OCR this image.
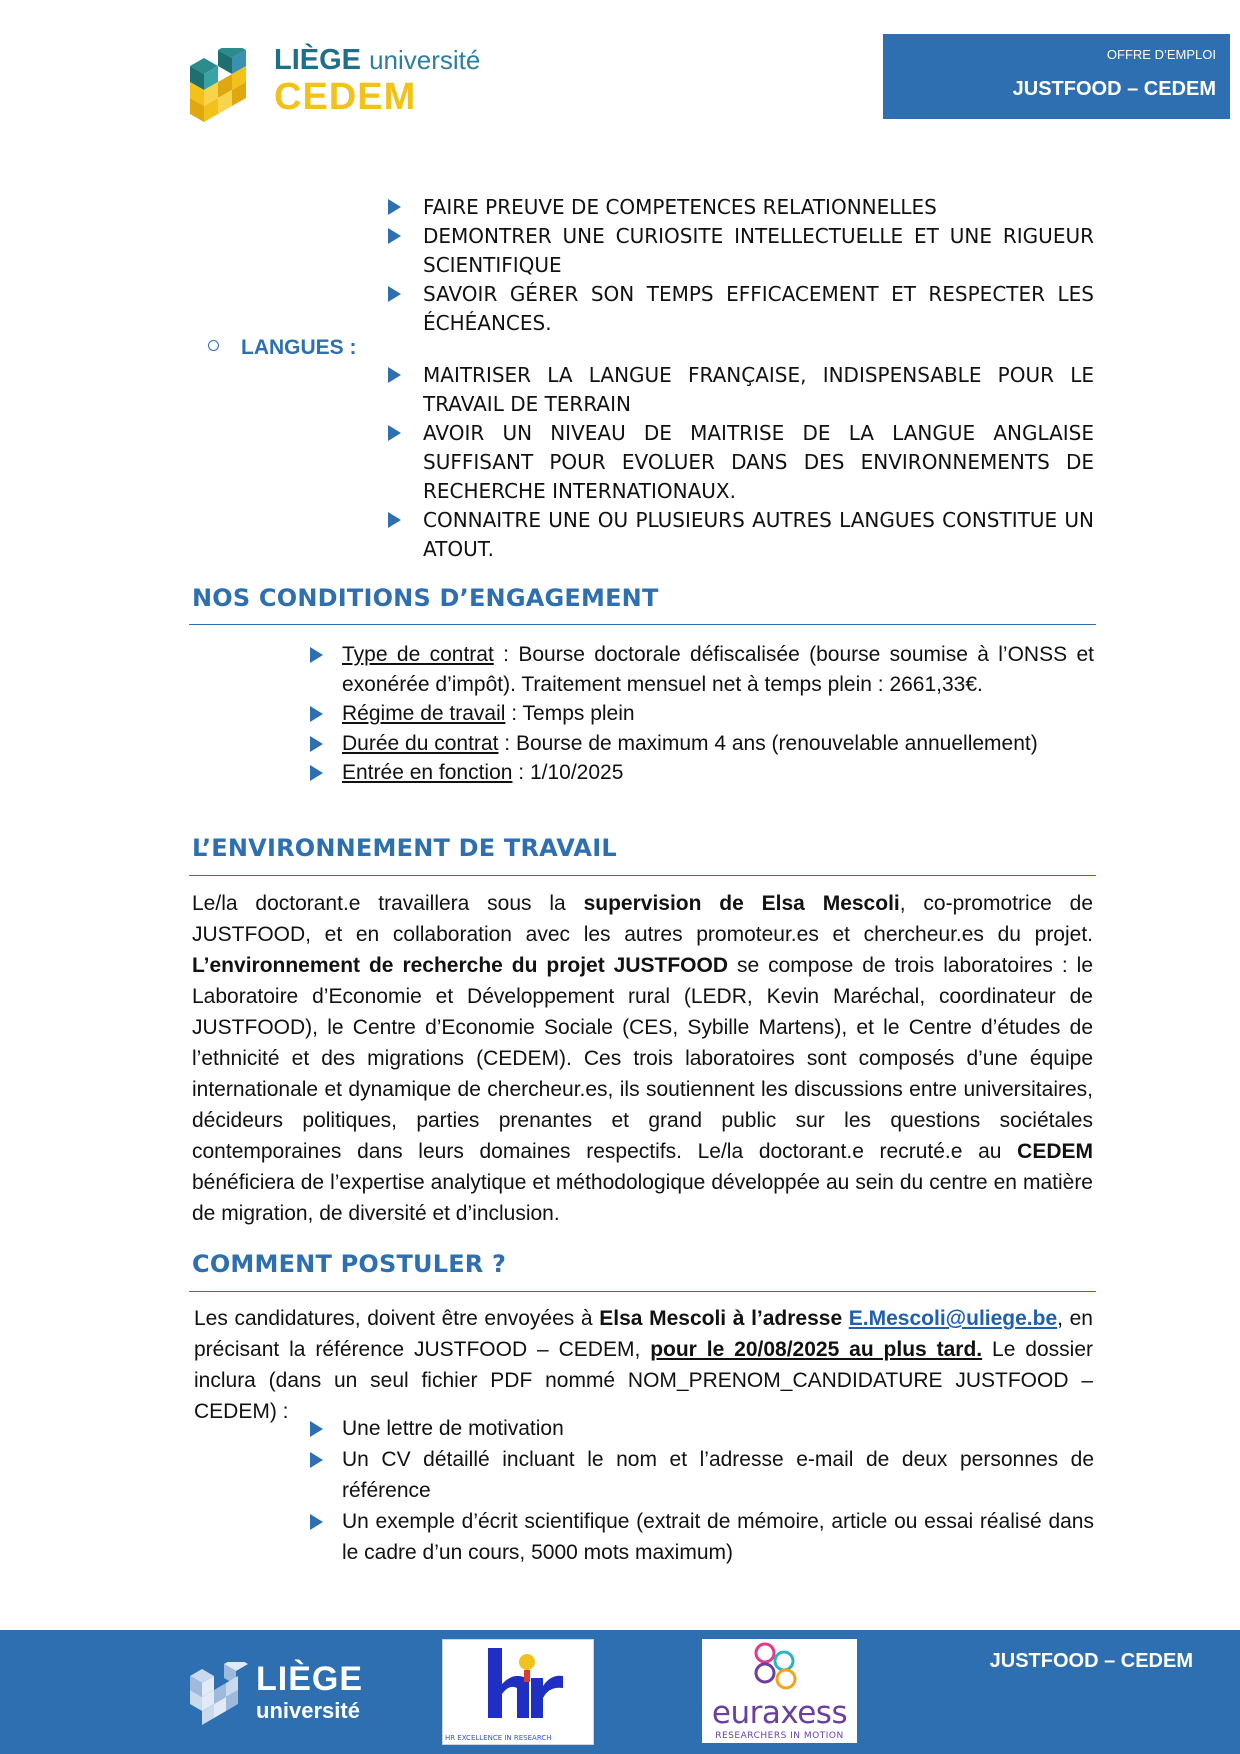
LIÈGE université
CEDEM
OFFRE D’EMPLOI
JUSTFOOD – CEDEM
FAIRE PREUVE DE COMPETENCES RELATIONNELLES
DEMONTRER UNE CURIOSITE INTELLECTUELLE ET UNE RIGUEUR SCIENTIFIQUE
SAVOIR GÉRER SON TEMPS EFFICACEMENT ET RESPECTER LES ÉCHÉANCES.
MAITRISER LA LANGUE FRANÇAISE, INDISPENSABLE POUR LE TRAVAIL DE TERRAIN
AVOIR UN NIVEAU DE MAITRISE DE LA LANGUE ANGLAISE SUFFISANT POUR EVOLUER DANS DES ENVIRONNEMENTS DE RECHERCHE INTERNATIONAUX.
CONNAITRE UNE OU PLUSIEURS AUTRES LANGUES CONSTITUE UN ATOUT.
LANGUES :
NOS CONDITIONS D’ENGAGEMENT
Type de contrat : Bourse doctorale défiscalisée (bourse soumise à l’ONSS et exonérée d’impôt). Traitement mensuel net à temps plein : 2661,33€.
Régime de travail : Temps plein
Durée du contrat : Bourse de maximum 4 ans (renouvelable annuellement)
Entrée en fonction : 1/10/2025
L’ENVIRONNEMENT DE TRAVAIL
Le/la doctorant.e travaillera sous la supervision de Elsa Mescoli, co-promotrice de JUSTFOOD, et en collaboration avec les autres promoteur.es et chercheur.es du projet. L’environnement de recherche du projet JUSTFOOD se compose de trois laboratoires : le Laboratoire d’Economie et Développement rural (LEDR, Kevin Maréchal, coordinateur de JUSTFOOD), le Centre d’Economie Sociale (CES, Sybille Martens), et le Centre d’études de l’ethnicité et des migrations (CEDEM). Ces trois laboratoires sont composés d’une équipe internationale et dynamique de chercheur.es, ils soutiennent les discussions entre universitaires, décideurs politiques, parties prenantes et grand public sur les questions sociétales contemporaines dans leurs domaines respectifs. Le/la doctorant.e recruté.e au CEDEM bénéficiera de l’expertise analytique et méthodologique développée au sein du centre en matière de migration, de diversité et d’inclusion.
COMMENT POSTULER ?
Les candidatures, doivent être envoyées à Elsa Mescoli à l’adresse E.Mescoli@uliege.be, en précisant la référence JUSTFOOD – CEDEM, pour le 20/08/2025 au plus tard. Le dossier inclura (dans un seul fichier PDF nommé NOM_PRENOM_CANDIDATURE JUSTFOOD – CEDEM) :
Une lettre de motivation
Un CV détaillé incluant le nom et l’adresse e-mail de deux personnes de référence
Un exemple d’écrit scientifique (extrait de mémoire, article ou essai réalisé dans le cadre d’un cours, 5000 mots maximum)
LIÈGE
université
HR EXCELLENCE IN RESEARCH
euraxess
RESEARCHERS IN MOTION
JUSTFOOD – CEDEM
